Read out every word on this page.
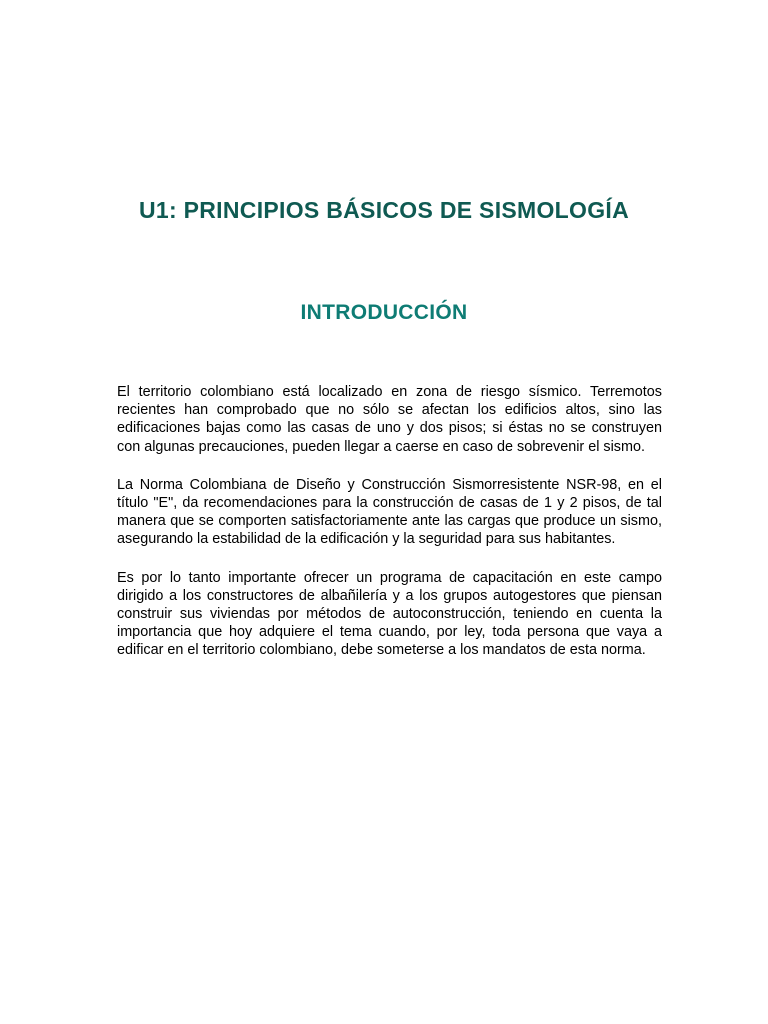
U1: PRINCIPIOS BÁSICOS DE SISMOLOGÍA
INTRODUCCIÓN

El territorio colombiano está localizado en zona de riesgo sísmico. Terremotos recientes han comprobado que no sólo se afectan los edificios altos, sino las edificaciones bajas como las casas de uno y dos pisos; si éstas no se construyen con algunas precauciones, pueden llegar a caerse en caso de sobrevenir el sismo.

La Norma Colombiana de Diseño y Construcción Sismorresistente NSR-98, en el título "E", da recomendaciones para la construcción de casas de 1 y 2 pisos, de tal manera que se comporten satisfactoriamente ante las cargas que produce un sismo, asegurando la estabilidad de la edificación y la seguridad para sus habitantes.

Es por lo tanto importante ofrecer un programa de capacitación en este campo dirigido a los constructores de albañilería y a los grupos autogestores que piensan construir sus viviendas por métodos de autoconstrucción, teniendo en cuenta la importancia que hoy adquiere el tema cuando, por ley, toda persona que vaya a edificar en el territorio colombiano, debe someterse a los mandatos de esta norma.
